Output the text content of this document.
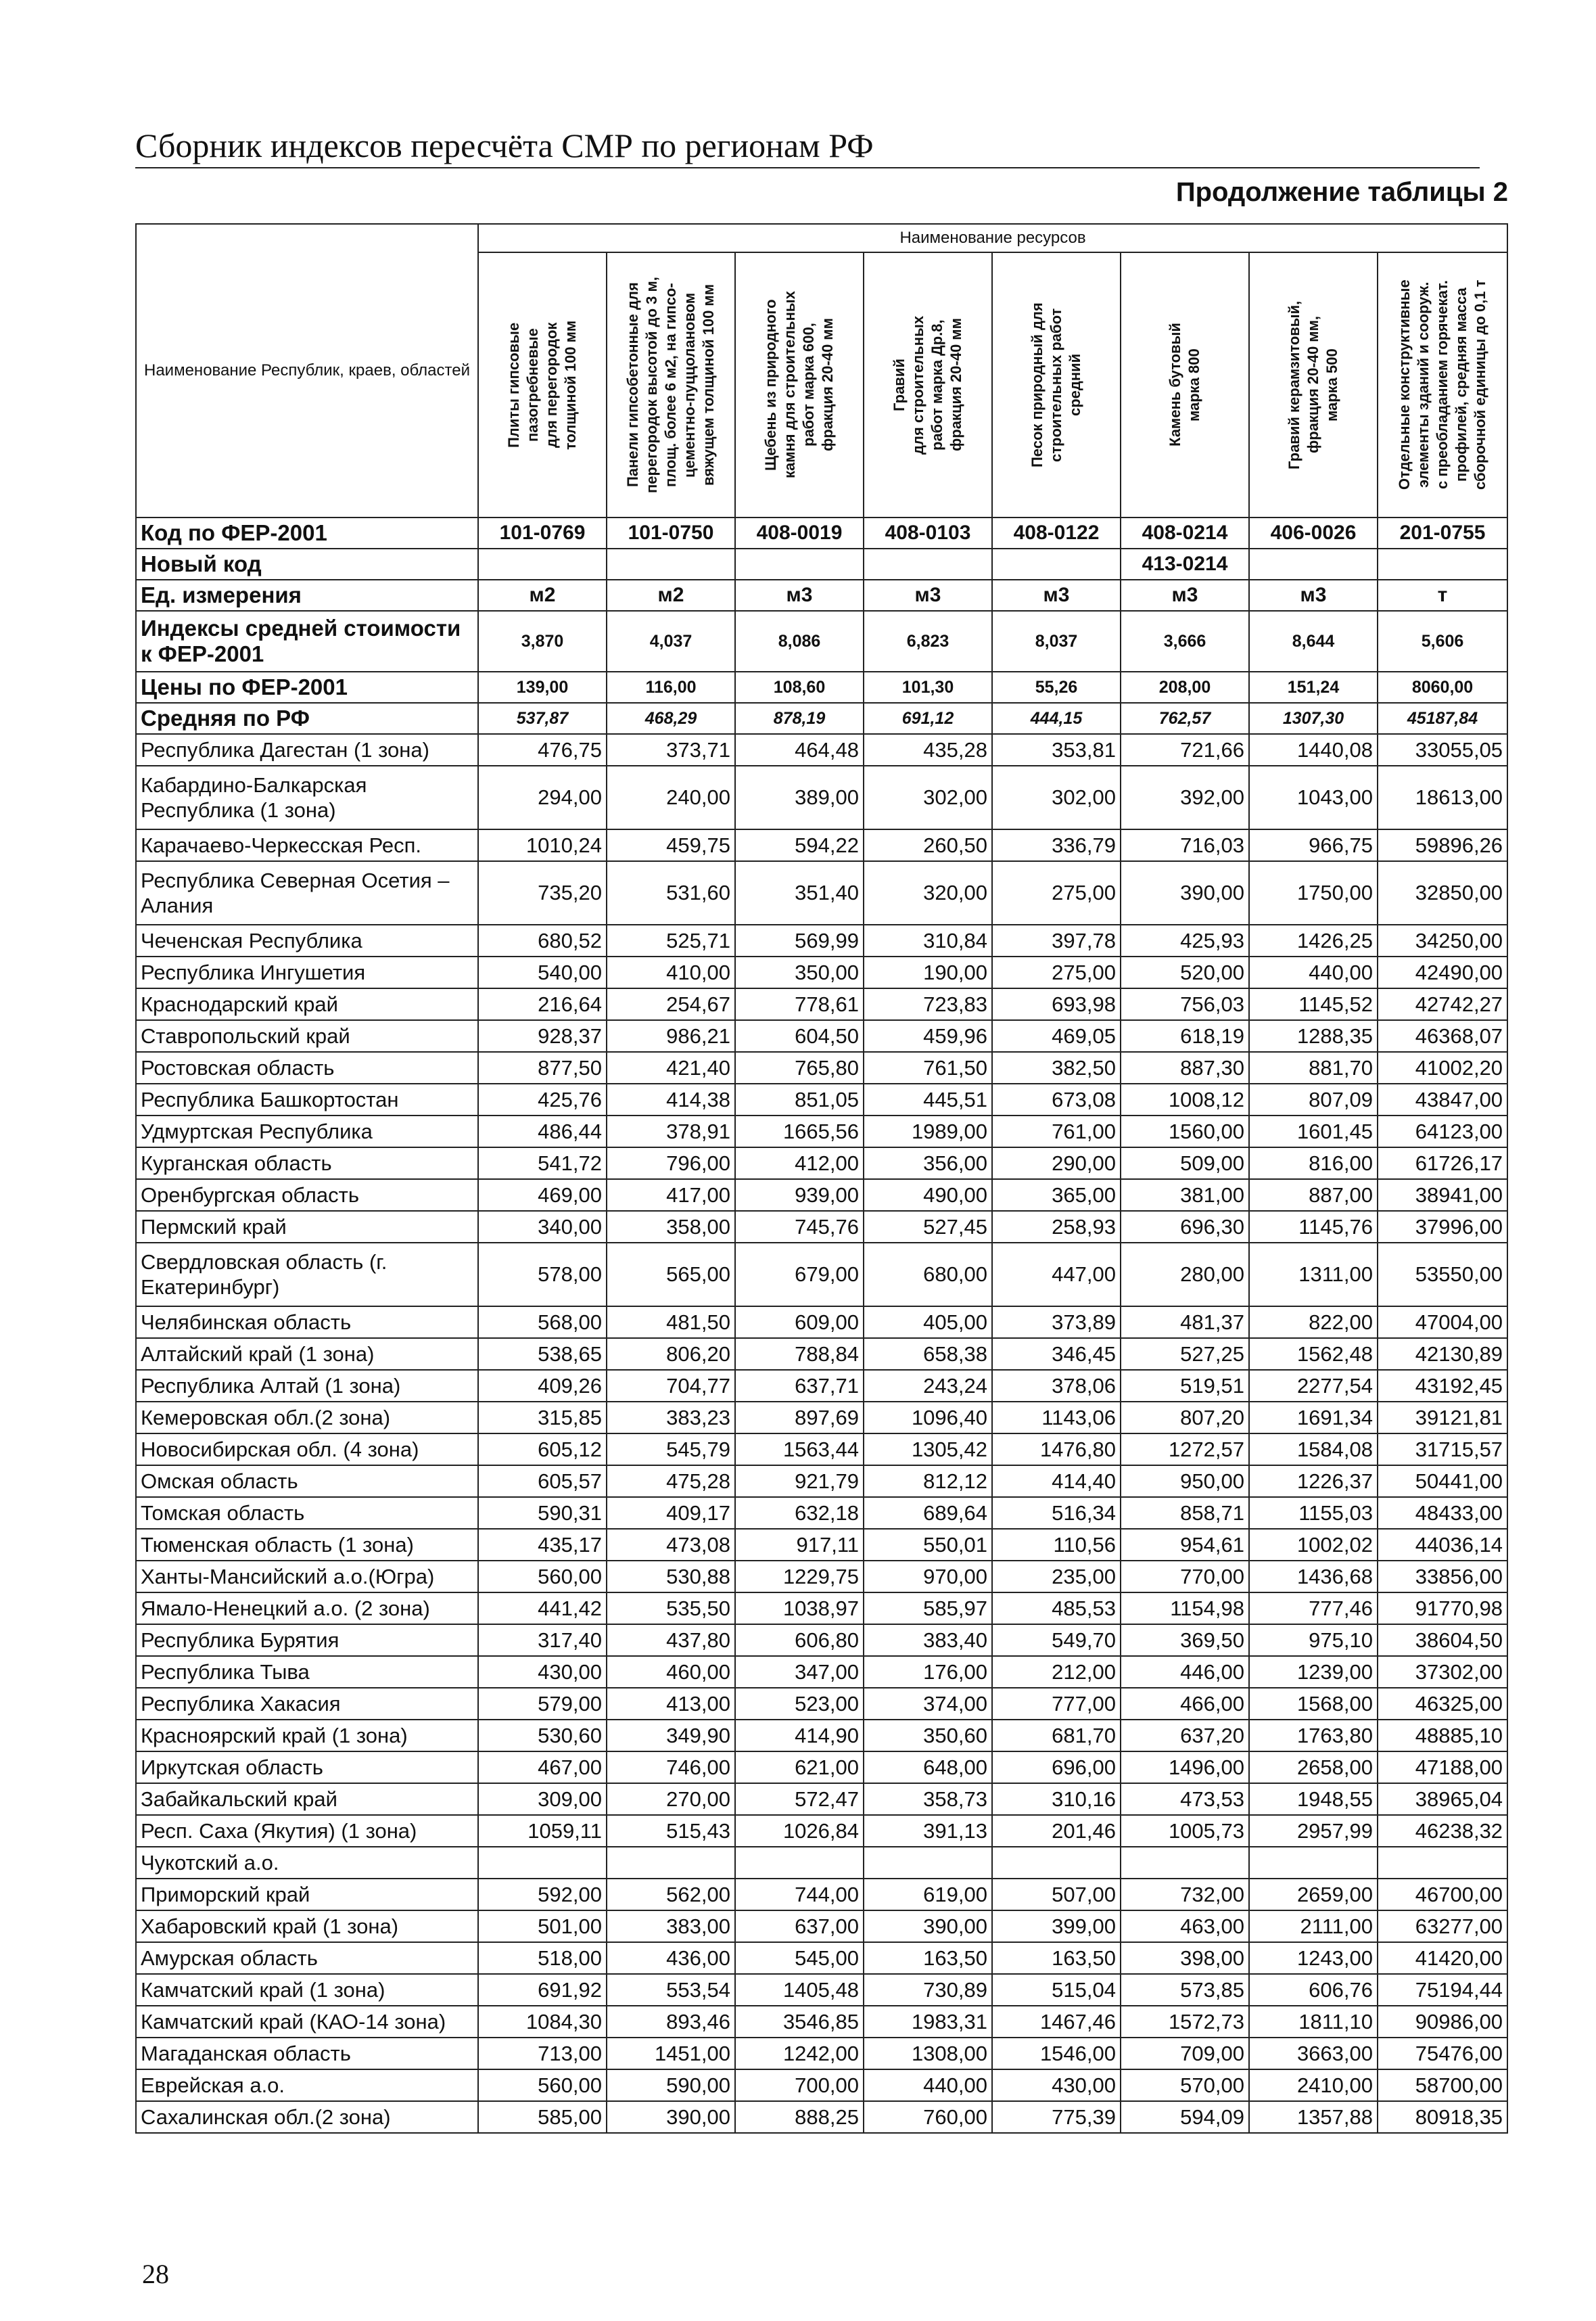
Сборник индексов пересчёта СМР по регионам РФ
Продолжение таблицы 2
Наименование Республик, краев, областей	Наименование ресурсов							

Плиты гипсовые
пазогребневые
для перегородок
толщиной 100 мм	Панели гипсобетонные для
перегородок высотой до 3 м,
площ. более 6 м2, на гипсо-
цементно-пуццолановом
вяжущем толщиной 100 мм	Щебень из природного
камня для строительных
работ марка 600,
фракция 20-40 мм	Гравий
для строительных
работ марка Др.8,
фракция 20-40 мм	Песок природный для
строительных работ
средний	Камень бутовый
марка 800	Гравий керамзитовый,
фракция 20-40 мм,
марка 500	Отдельные конструктивные
элементы зданий и сооруж.
с преобладанием горячекат.
профилей, средняя масса
сборочной единицы до 0,1 т

Код по ФЕР-2001	101-0769	101-0750	408-0019	408-0103	408-0122	408-0214	406-0026	201-0755
Новый код						413-0214		
Ед. измерения	м2	м2	м3	м3	м3	м3	м3	т
Индексы средней стоимости к ФЕР-2001	3,870	4,037	8,086	6,823	8,037	3,666	8,644	5,606
Цены по ФЕР-2001	139,00	116,00	108,60	101,30	55,26	208,00	151,24	8060,00
Средняя по РФ	537,87	468,29	878,19	691,12	444,15	762,57	1307,30	45187,84
Республика Дагестан (1 зона)	476,75	373,71	464,48	435,28	353,81	721,66	1440,08	33055,05
Кабардино-Балкарская Республика (1 зона)	294,00	240,00	389,00	302,00	302,00	392,00	1043,00	18613,00
Карачаево-Черкесская Респ.	1010,24	459,75	594,22	260,50	336,79	716,03	966,75	59896,26
Республика Северная Осетия – Алания	735,20	531,60	351,40	320,00	275,00	390,00	1750,00	32850,00
Чеченская Республика	680,52	525,71	569,99	310,84	397,78	425,93	1426,25	34250,00
Республика Ингушетия	540,00	410,00	350,00	190,00	275,00	520,00	440,00	42490,00
Краснодарский край	216,64	254,67	778,61	723,83	693,98	756,03	1145,52	42742,27
Ставропольский край	928,37	986,21	604,50	459,96	469,05	618,19	1288,35	46368,07
Ростовская область	877,50	421,40	765,80	761,50	382,50	887,30	881,70	41002,20
Республика Башкортостан	425,76	414,38	851,05	445,51	673,08	1008,12	807,09	43847,00
Удмуртская Республика	486,44	378,91	1665,56	1989,00	761,00	1560,00	1601,45	64123,00
Курганская область	541,72	796,00	412,00	356,00	290,00	509,00	816,00	61726,17
Оренбургская область	469,00	417,00	939,00	490,00	365,00	381,00	887,00	38941,00
Пермский край	340,00	358,00	745,76	527,45	258,93	696,30	1145,76	37996,00
Свердловская область (г. Екатеринбург)	578,00	565,00	679,00	680,00	447,00	280,00	1311,00	53550,00
Челябинская область	568,00	481,50	609,00	405,00	373,89	481,37	822,00	47004,00
Алтайский край (1 зона)	538,65	806,20	788,84	658,38	346,45	527,25	1562,48	42130,89
Республика Алтай (1 зона)	409,26	704,77	637,71	243,24	378,06	519,51	2277,54	43192,45
Кемеровская обл.(2 зона)	315,85	383,23	897,69	1096,40	1143,06	807,20	1691,34	39121,81
Новосибирская обл. (4 зона)	605,12	545,79	1563,44	1305,42	1476,80	1272,57	1584,08	31715,57
Омская область	605,57	475,28	921,79	812,12	414,40	950,00	1226,37	50441,00
Томская область	590,31	409,17	632,18	689,64	516,34	858,71	1155,03	48433,00
Тюменская область (1 зона)	435,17	473,08	917,11	550,01	110,56	954,61	1002,02	44036,14
Ханты-Мансийский а.о.(Югра)	560,00	530,88	1229,75	970,00	235,00	770,00	1436,68	33856,00
Ямало-Ненецкий а.о. (2 зона)	441,42	535,50	1038,97	585,97	485,53	1154,98	777,46	91770,98
Республика Бурятия	317,40	437,80	606,80	383,40	549,70	369,50	975,10	38604,50
Республика Тыва	430,00	460,00	347,00	176,00	212,00	446,00	1239,00	37302,00
Республика Хакасия	579,00	413,00	523,00	374,00	777,00	466,00	1568,00	46325,00
Красноярский край (1 зона)	530,60	349,90	414,90	350,60	681,70	637,20	1763,80	48885,10
Иркутская область	467,00	746,00	621,00	648,00	696,00	1496,00	2658,00	47188,00
Забайкальский край	309,00	270,00	572,47	358,73	310,16	473,53	1948,55	38965,04
Респ. Саха (Якутия) (1 зона)	1059,11	515,43	1026,84	391,13	201,46	1005,73	2957,99	46238,32
Чукотский а.о.								
Приморский край	592,00	562,00	744,00	619,00	507,00	732,00	2659,00	46700,00
Хабаровский край (1 зона)	501,00	383,00	637,00	390,00	399,00	463,00	2111,00	63277,00
Амурская область	518,00	436,00	545,00	163,50	163,50	398,00	1243,00	41420,00
Камчатский край (1 зона)	691,92	553,54	1405,48	730,89	515,04	573,85	606,76	75194,44
Камчатский край (КАО-14 зона)	1084,30	893,46	3546,85	1983,31	1467,46	1572,73	1811,10	90986,00
Магаданская область	713,00	1451,00	1242,00	1308,00	1546,00	709,00	3663,00	75476,00
Еврейская а.о.	560,00	590,00	700,00	440,00	430,00	570,00	2410,00	58700,00
Сахалинская обл.(2 зона)	585,00	390,00	888,25	760,00	775,39	594,09	1357,88	80918,35
28
